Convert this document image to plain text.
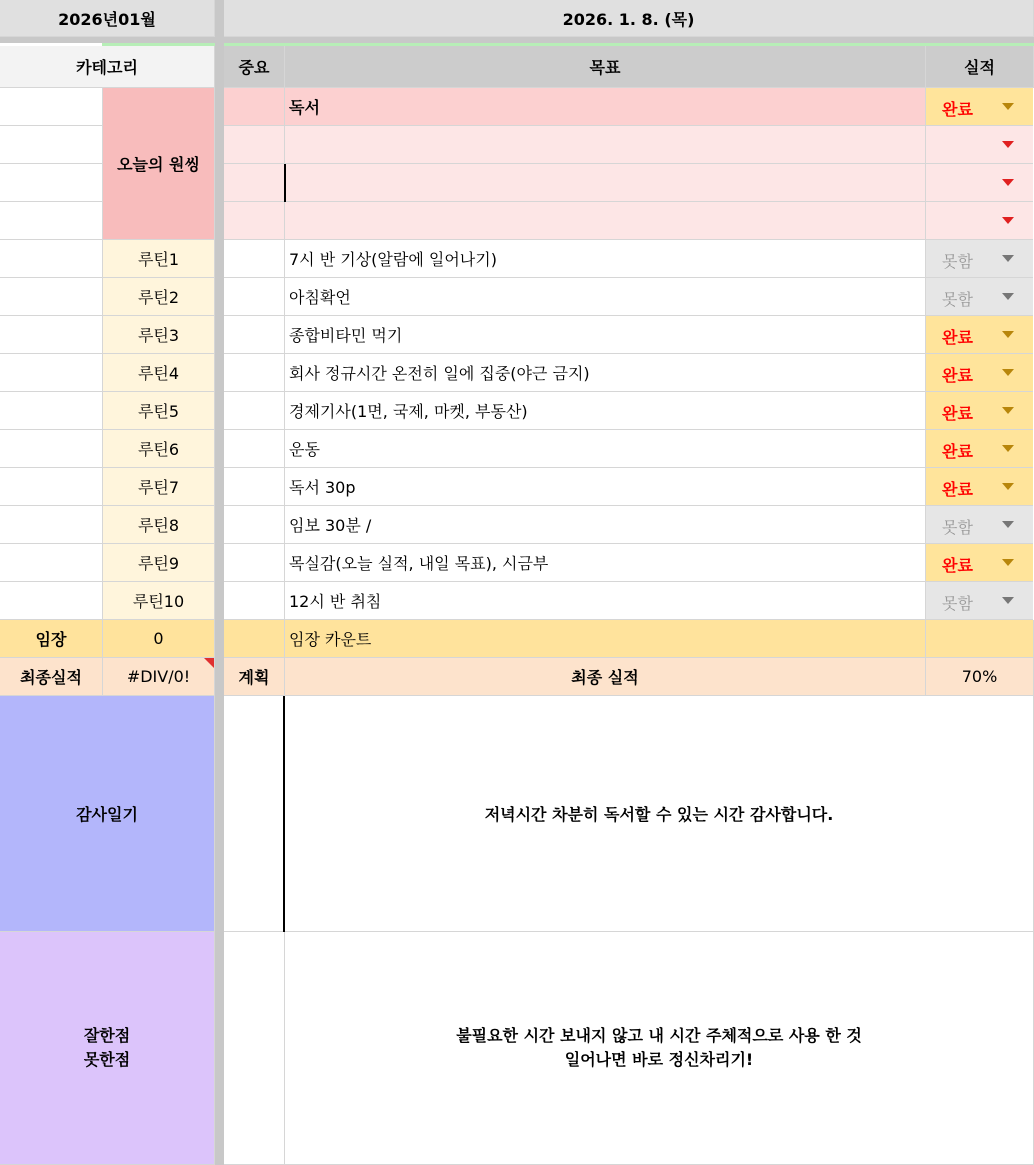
2026년01월	2026. 1. 8. (목)
카테고리	중요	목표	실적
오늘의 원씽
독서	완료
루틴1	7시 반 기상(알람에 일어나기)	못함
루틴2	아침확언	못함
루틴3	종합비타민 먹기	완료
루틴4	회사 정규시간 온전히 일에 집중(야근 금지)	완료
루틴5	경제기사(1면, 국제, 마켓, 부동산)	완료
루틴6	운동	완료
루틴7	독서 30p	완료
루틴8	임보 30분 /	못함
루틴9	목실감(오늘 실적, 내일 목표), 시금부	완료
루틴10	12시 반 취침	못함
임장	0	임장 카운트
최종실적	#DIV/0!	계획	최종 실적	70%
감사일기	저녁시간 차분히 독서할 수 있는 시간 감사합니다.
잘한점
못한점
불필요한 시간 보내지 않고 내 시간 주체적으로 사용 한 것
일어나면 바로 정신차리기!
